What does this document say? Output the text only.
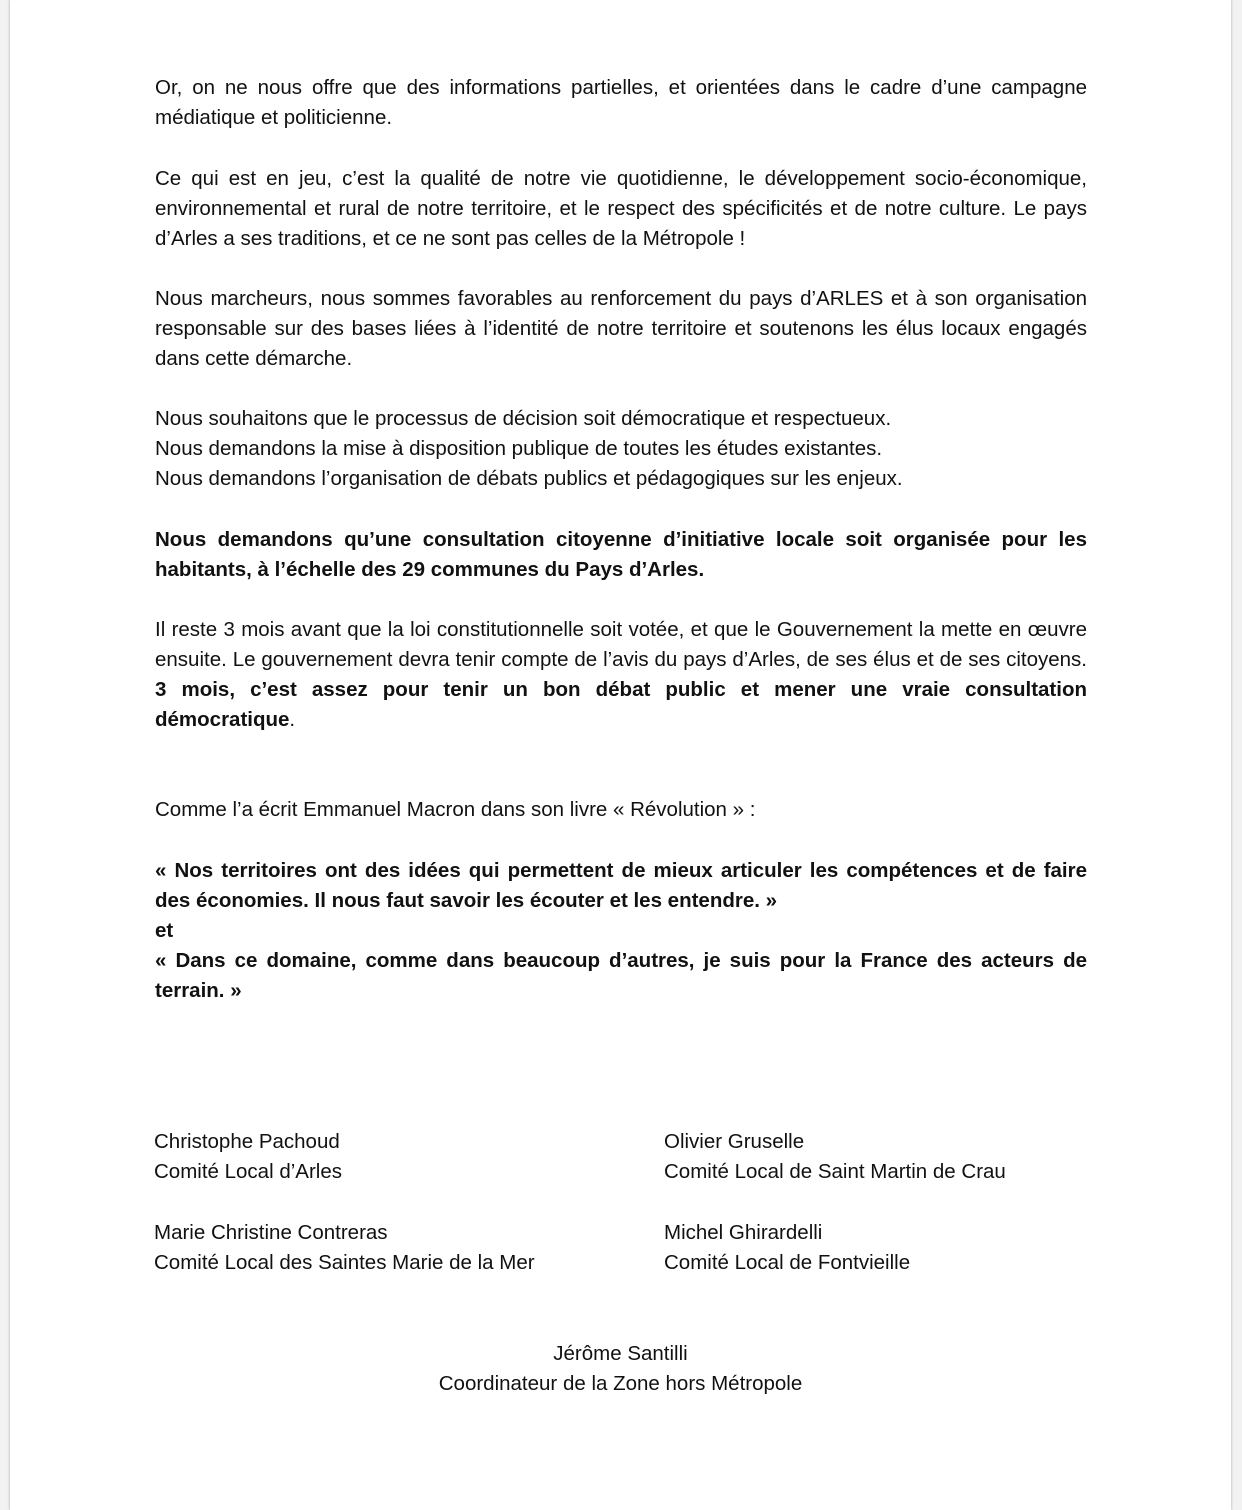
Or, on ne nous offre que des informations partielles, et orientées dans le cadre d’une campagne médiatique et politicienne.

Ce qui est en jeu, c’est la qualité de notre vie quotidienne, le développement socio-économique, environnemental et rural de notre territoire, et le respect des spécificités et de notre culture. Le pays d’Arles a ses traditions, et ce ne sont pas celles de la Métropole !

Nous marcheurs, nous sommes favorables au renforcement du pays d’ARLES et à son organisation responsable sur des bases liées à l’identité de notre territoire et soutenons les élus locaux engagés dans cette démarche.

Nous souhaitons que le processus de décision soit démocratique et respectueux.

Nous demandons la mise à disposition publique de toutes les études existantes.

Nous demandons l’organisation de débats publics et pédagogiques sur les enjeux.

Nous demandons qu’une consultation citoyenne d’initiative locale soit organisée pour les habitants, à l’échelle des 29 communes du Pays d’Arles.

Il reste 3 mois avant que la loi constitutionnelle soit votée, et que le Gouvernement la mette en œuvre ensuite. Le gouvernement devra tenir compte de l’avis du pays d’Arles, de ses élus et de ses citoyens. 3 mois, c’est assez pour tenir un bon débat public et mener une vraie consultation démocratique.

Comme l’a écrit Emmanuel Macron dans son livre « Révolution » :

« Nos territoires ont des idées qui permettent de mieux articuler les compétences et de faire des économies. Il nous faut savoir les écouter et les entendre. »

et

« Dans ce domaine, comme dans beaucoup d’autres, je suis pour la France des acteurs de terrain. »

Christophe Pachoud
Comité Local d’Arles
Olivier Gruselle
Comité Local de Saint Martin de Crau
Marie Christine Contreras
Comité Local des Saintes Marie de la Mer
Michel Ghirardelli
Comité Local de Fontvieille
Jérôme Santilli
Coordinateur de la Zone hors Métropole
